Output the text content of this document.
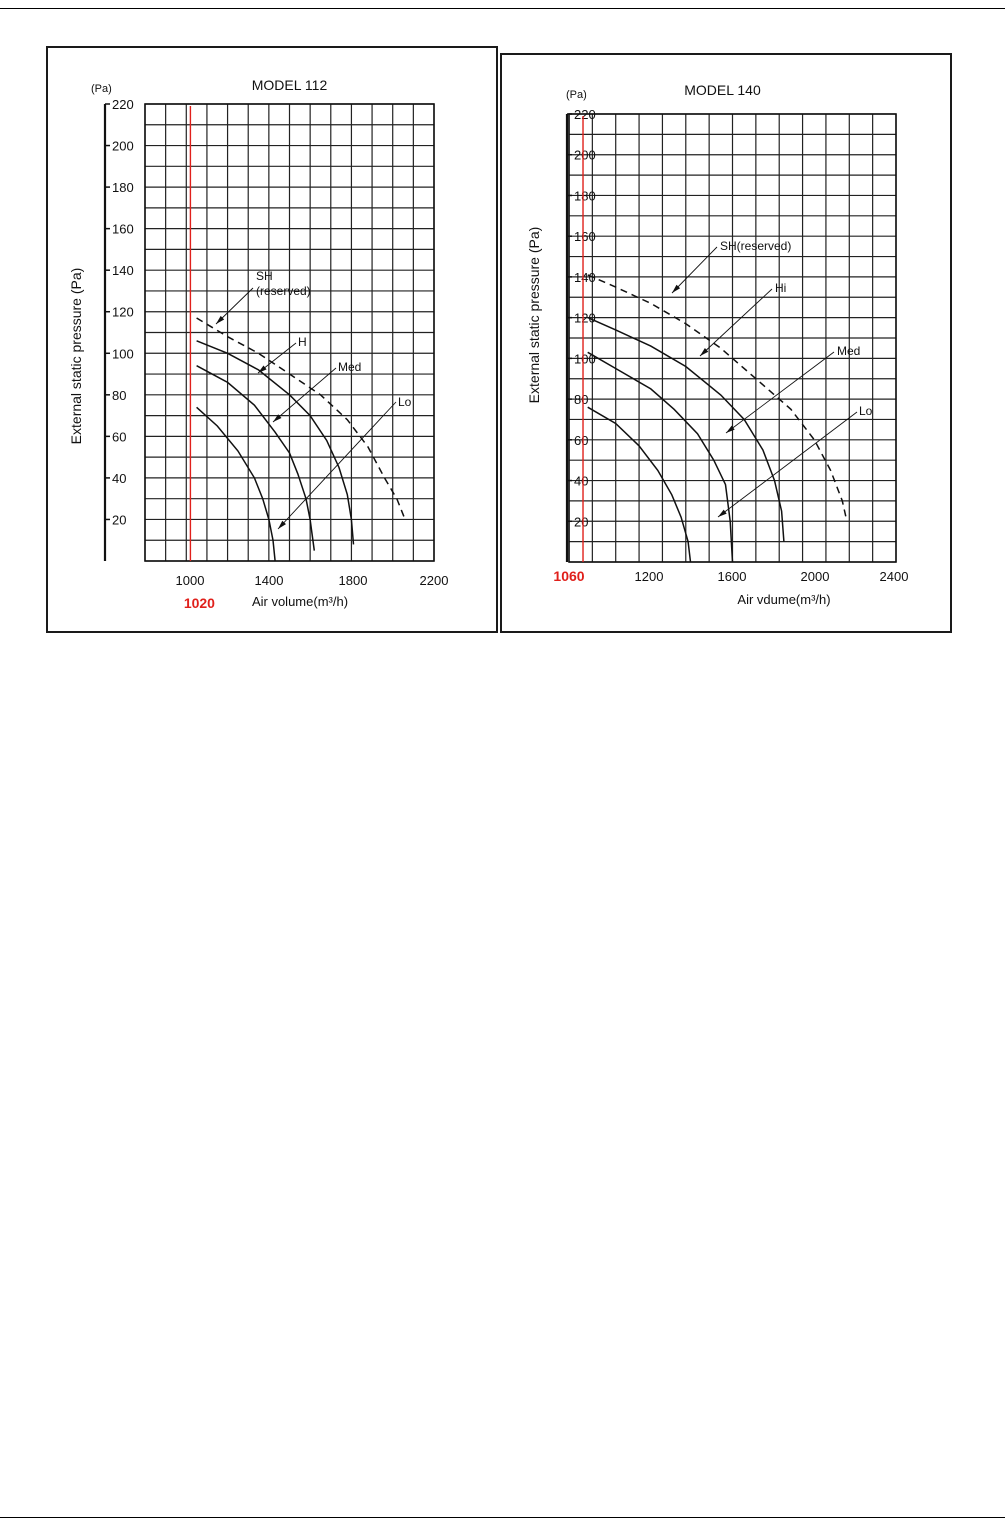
20
40
60
80
100
120
140
160
180
200
220
1000	1400	1800	2200
MODEL 112
(Pa)
External static pressure (Pa)
Air volume(m³/h)
1020
SH
(reserved)
H
Med
Lo
20
40
60
80
100
120
140
160
180
200
220
1200	1600	2000	2400
MODEL 140
(Pa)
External static pressure (Pa)
Air vdume(m³/h)
1060
SH(reserved)
Hi
Med
Lo
